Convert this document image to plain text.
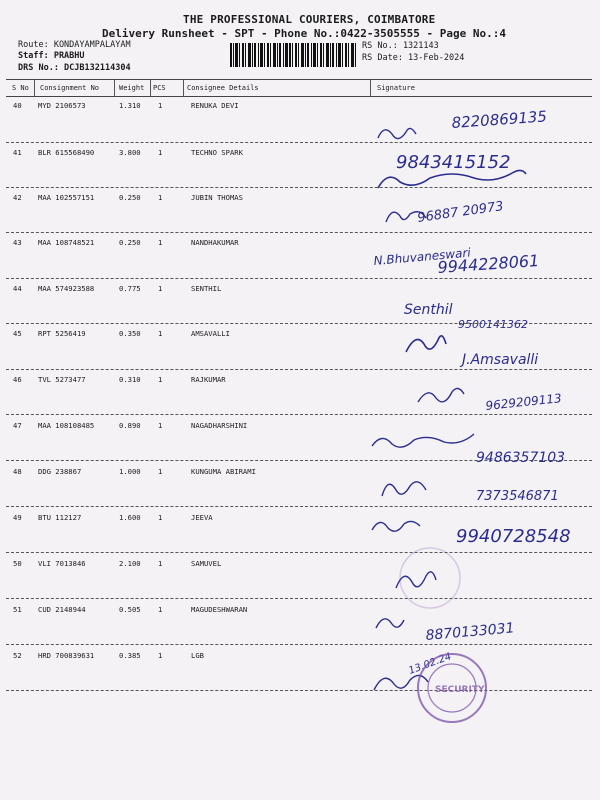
THE PROFESSIONAL COURIERS, COIMBATORE
Delivery Runsheet - SPT - Phone No.:0422-3505555 - Page No.:4
Route: KONDAYAMPALAYAM
Staff: PRABHU
DRS No.: DCJB132114304
RS No.: 1321143
RS Date: 13-Feb-2024
S No Consignment No	Weight PCS	Consignee Details	Signature
40 MYD 2106573	1.310 1	RENUKA DEVI
41 BLR 615568490	3.800 1	TECHNO SPARK
42 MAA 102557151	0.250 1	JUBIN THOMAS
43 MAA 108748521	0.250 1	NANDHAKUMAR
44 MAA 574923588	0.775 1	SENTHIL
45 RPT 5256419	0.350 1	AMSAVALLI
46 TVL 5273477	0.310 1	RAJKUMAR
47 MAA 108108485	0.890 1	NAGADHARSHINI
48 DDG 238867	1.000 1	KUNGUMA ABIRAMI
49 BTU 112127	1.600 1	JEEVA
50 VLI 7013846	2.100 1	SAMUVEL
51 CUD 2148944	0.505 1	MAGUDESHWARAN
52 HRD 700839631	0.385 1	LGB
8220869135
9843415152
96887 20973
N.Bhuvaneswari
9944228061
Senthil
9500141362
J.Amsavalli
9629209113
9486357103
7373546871
9940728548
8870133031
13.02.24
SECURITY
